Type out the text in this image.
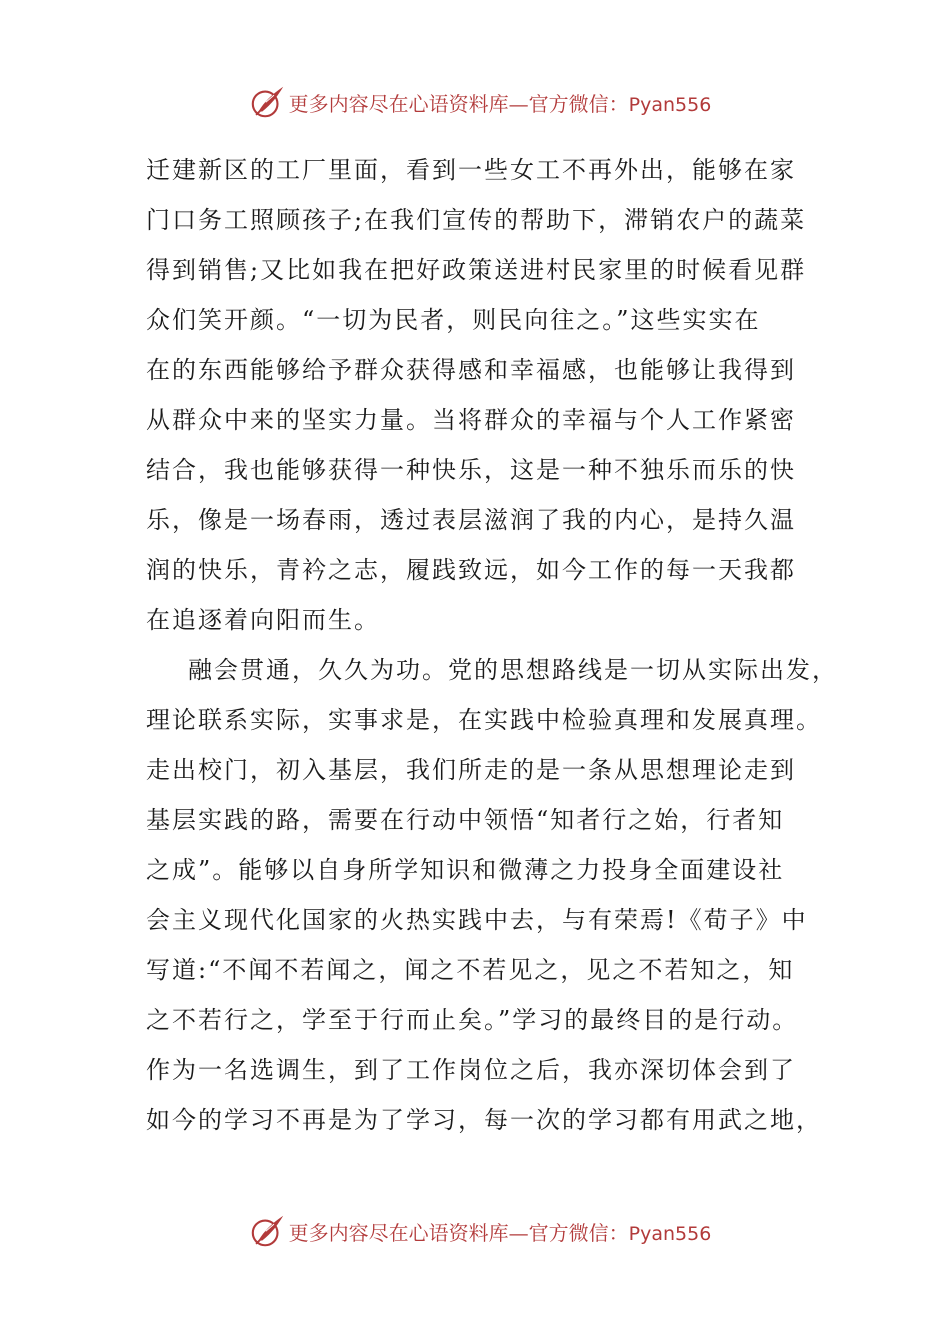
更多内容尽在心语资料库—官方微信：Pyan556
迁建新区的工厂里面，看到一些女工不再外出，能够在家
门口务工照顾孩子;在我们宣传的帮助下，滞销农户的蔬菜
得到销售;又比如我在把好政策送进村民家里的时候看见群
众们笑开颜。“一切为民者，则民向往之。”这些实实在
在的东西能够给予群众获得感和幸福感，也能够让我得到
从群众中来的坚实力量。当将群众的幸福与个人工作紧密
结合，我也能够获得一种快乐，这是一种不独乐而乐的快
乐，像是一场春雨，透过表层滋润了我的内心，是持久温
润的快乐，青衿之志，履践致远，如今工作的每一天我都
在追逐着向阳而生。
融会贯通，久久为功。党的思想路线是一切从实际出发，
理论联系实际，实事求是，在实践中检验真理和发展真理。
走出校门，初入基层，我们所走的是一条从思想理论走到
基层实践的路，需要在行动中领悟“知者行之始，行者知
之成”。能够以自身所学知识和微薄之力投身全面建设社
会主义现代化国家的火热实践中去，与有荣焉!《荀子》中
写道:“不闻不若闻之，闻之不若见之，见之不若知之，知
之不若行之，学至于行而止矣。”学习的最终目的是行动。
作为一名选调生，到了工作岗位之后，我亦深切体会到了
如今的学习不再是为了学习，每一次的学习都有用武之地，
更多内容尽在心语资料库—官方微信：Pyan556
